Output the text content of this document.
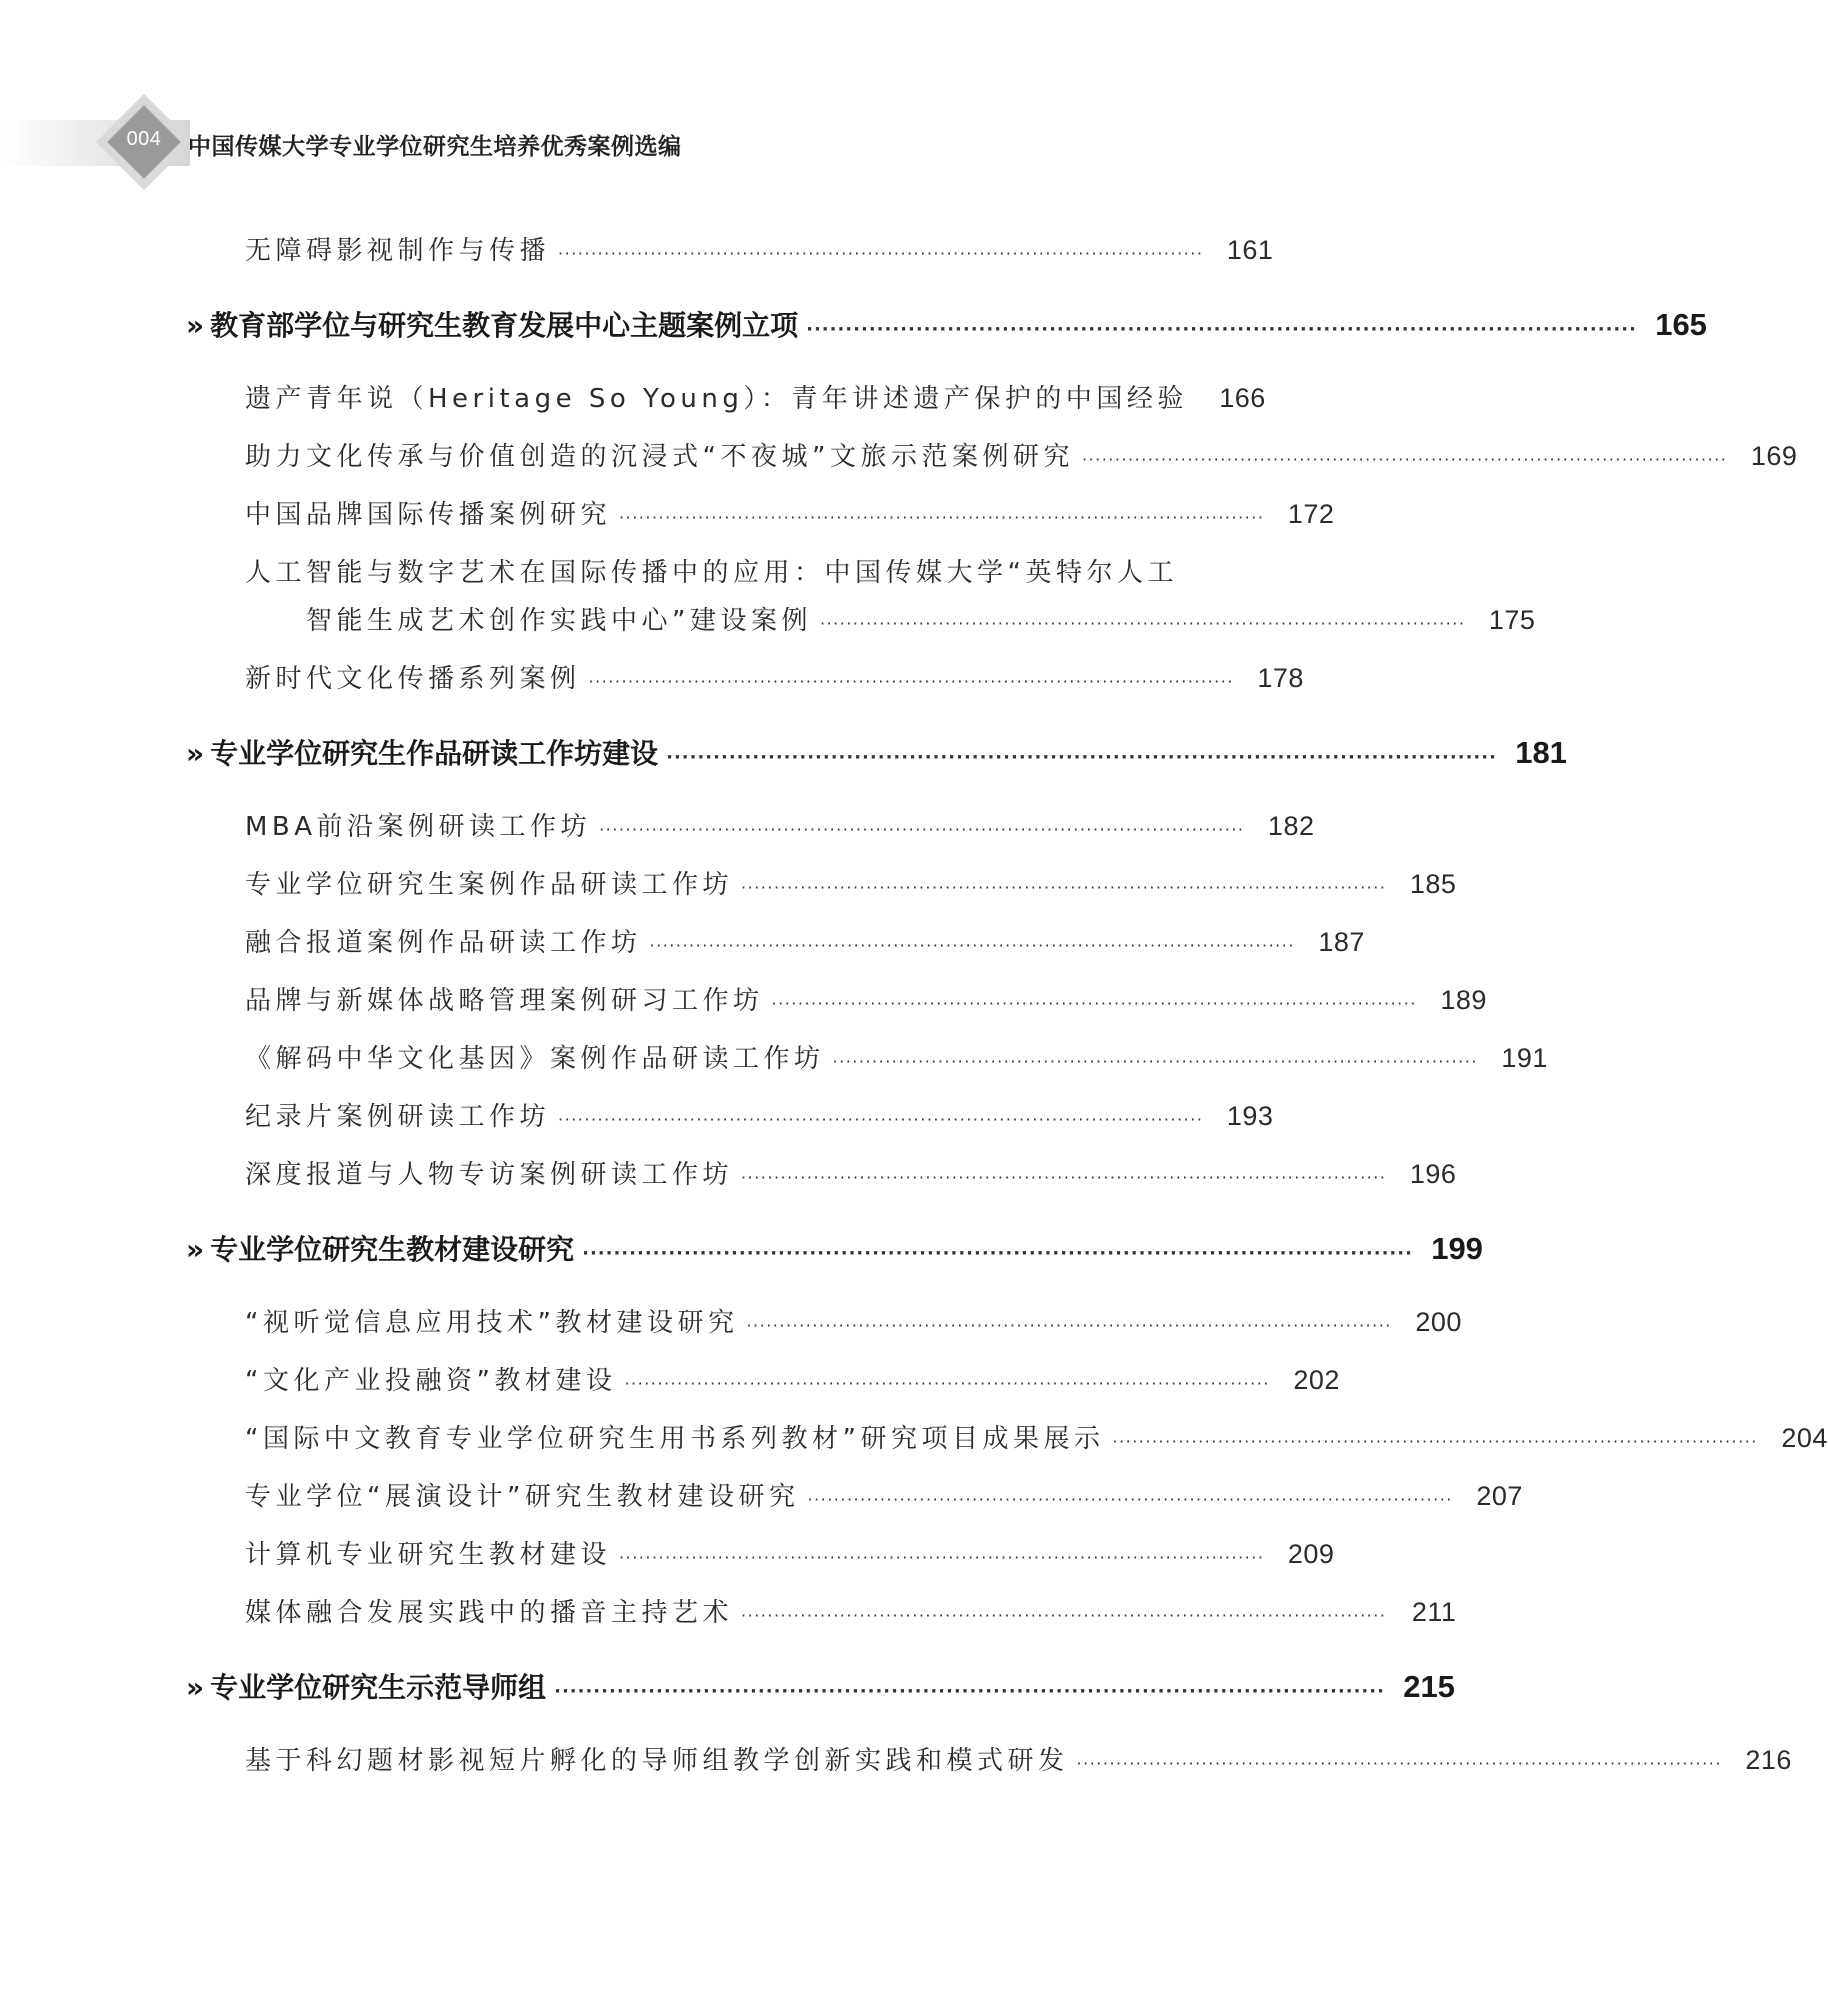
004	中国传媒大学专业学位研究生培养优秀案例选编
无障碍影视制作与传播 ·································································································· 161
» 教育部学位与研究生教育发展中心主题案例立项 ·········································································································· 165
遗产青年说（Heritage So Young）：青年讲述遗产保护的中国经验	166
助力文化传承与价值创造的沉浸式“不夜城”文旅示范案例研究 ·································································································· 169
中国品牌国际传播案例研究 ·································································································· 172
人工智能与数字艺术在国际传播中的应用：中国传媒大学“英特尔人工
智能生成艺术创作实践中心”建设案例 ·································································································· 175
新时代文化传播系列案例 ·································································································· 178
» 专业学位研究生作品研读工作坊建设 ·········································································································· 181
MBA前沿案例研读工作坊 ·································································································· 182
专业学位研究生案例作品研读工作坊 ·································································································· 185
融合报道案例作品研读工作坊 ·································································································· 187
品牌与新媒体战略管理案例研习工作坊 ·································································································· 189
《解码中华文化基因》案例作品研读工作坊 ·································································································· 191
纪录片案例研读工作坊 ·································································································· 193
深度报道与人物专访案例研读工作坊 ·································································································· 196
» 专业学位研究生教材建设研究 ·········································································································· 199
“视听觉信息应用技术”教材建设研究 ·································································································· 200
“文化产业投融资”教材建设 ·································································································· 202
“国际中文教育专业学位研究生用书系列教材”研究项目成果展示 ·································································································· 204
专业学位“展演设计”研究生教材建设研究 ·································································································· 207
计算机专业研究生教材建设 ·································································································· 209
媒体融合发展实践中的播音主持艺术 ·································································································· 211
» 专业学位研究生示范导师组 ·········································································································· 215
基于科幻题材影视短片孵化的导师组教学创新实践和模式研发 ·································································································· 216
